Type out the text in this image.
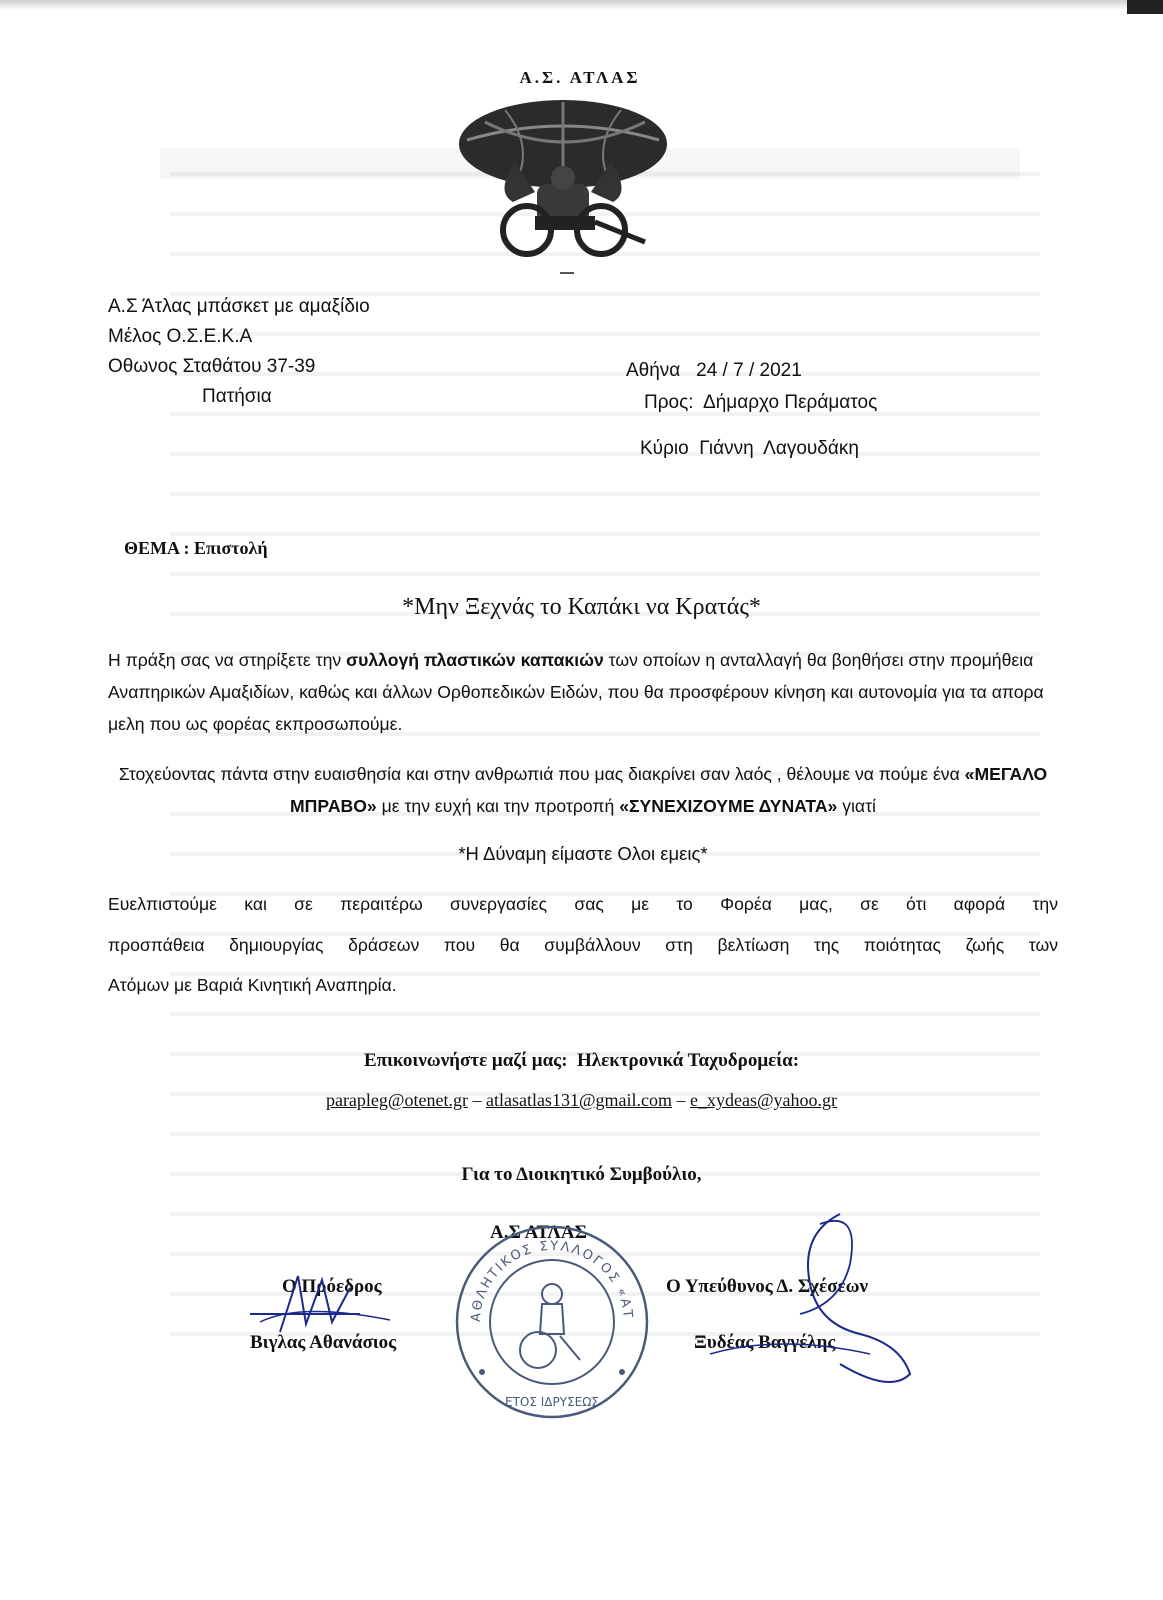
Α.Σ. ΑΤΛΑΣ
Α.Σ Άτλας μπάσκετ με αμαξίδιο
Μέλος Ο.Σ.Ε.Κ.Α
Οθωνος Σταθάτου 37-39
Πατήσια
Αθήνα   24 / 7 / 2021
Προς:  Δήμαρχο Περάματος
Κύριο  Γιάννη  Λαγουδάκη
ΘΕΜΑ : Επιστολή
*Μην Ξεχνάς το Καπάκι να Κρατάς*
Η πράξη σας να στηρίξετε την συλλογή πλαστικών καπακιών των οποίων η ανταλλαγή θα βοηθήσει στην προμήθεια Αναπηρικών Αμαξιδίων, καθώς και άλλων Ορθοπεδικών Ειδών, που θα προσφέρουν κίνηση και αυτονομία για τα απορα μελη που ως φορέας εκπροσωπούμε.
Στοχεύοντας πάντα στην ευαισθησία και στην ανθρωπιά που μας διακρίνει σαν λαός , θέλουμε να πούμε ένα «ΜΕΓΑΛΟ ΜΠΡΑΒΟ» με την ευχή και την προτροπή «ΣΥΝΕΧΙΖΟΥΜΕ ΔΥΝΑΤΑ» γιατί
*Η Δύναμη είμαστε Ολοι εμεις*
Ευελπιστούμε και σε περαιτέρω συνεργασίες σας με το Φορέα μας, σε ότι αφορά την
προσπάθεια δημιουργίας δράσεων που θα συμβάλλουν στη βελτίωση της ποιότητας ζωής των
Ατόμων με Βαριά Κινητική Αναπηρία.
Επικοινωνήστε μαζί μας:  Ηλεκτρονικά Ταχυδρομεία:
parapleg@otenet.gr – atlasatlas131@gmail.com – e_xydeas@yahoo.gr
Για το Διοικητικό Συμβούλιο,
Α.Σ ΑΤΛΑΣ
Ο Πρόεδρος
Βιγλας Αθανάσιος
Ο Υπεύθυνος Δ. Σχέσεων
Ξυδέας Βαγγέλης
ΑΘΛΗΤΙΚΟΣ ΣΥΛΛΟΓΟΣ «ΑΤ
ΕΤΟΣ ΙΔΡΥΣΕΩΣ
